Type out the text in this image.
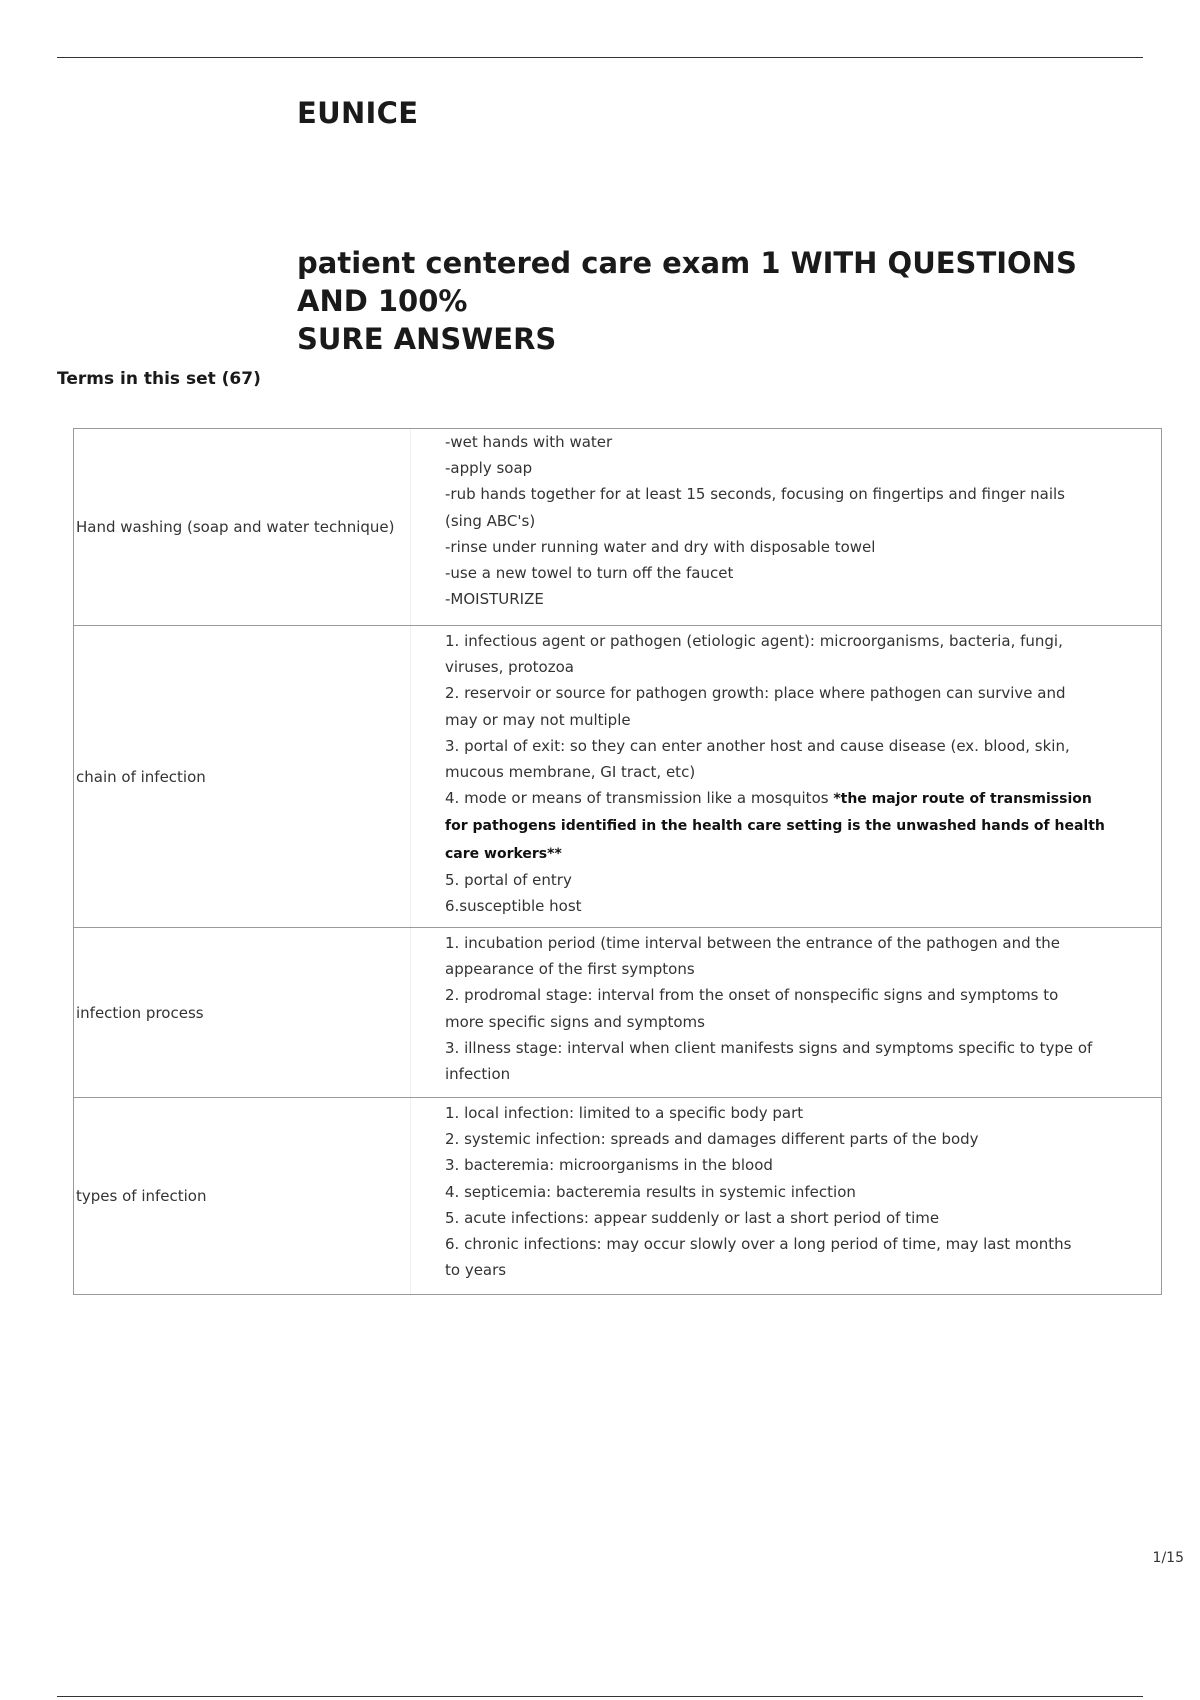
EUNICE
patient centered care exam 1 WITH QUESTIONS AND 100%
SURE ANSWERS
Terms in this set (67)
Hand washing (soap and water technique)
-wet hands with water
-apply soap
-rub hands together for at least 15 seconds, focusing on fingertips and finger nails
(sing ABC's)
-rinse under running water and dry with disposable towel
-use a new towel to turn off the faucet
-MOISTURIZE
chain of infection
1. infectious agent or pathogen (etiologic agent): microorganisms, bacteria, fungi,
viruses, protozoa
2. reservoir or source for pathogen growth: place where pathogen can survive and
may or may not multiple
3. portal of exit: so they can enter another host and cause disease (ex. blood, skin,
mucous membrane, GI tract, etc)
4. mode or means of transmission like a mosquitos *the major route of transmission
for pathogens identified in the health care setting is the unwashed hands of health
care workers**
5. portal of entry
6.susceptible host
infection process
1. incubation period (time interval between the entrance of the pathogen and the
appearance of the first symptons
2. prodromal stage: interval from the onset of nonspecific signs and symptoms to
more specific signs and symptoms
3. illness stage: interval when client manifests signs and symptoms specific to type of
infection
types of infection
1. local infection: limited to a specific body part
2. systemic infection: spreads and damages different parts of the body
3. bacteremia: microorganisms in the blood
4. septicemia: bacteremia results in systemic infection
5. acute infections: appear suddenly or last a short period of time
6. chronic infections: may occur slowly over a long period of time, may last months
to years
1/15
